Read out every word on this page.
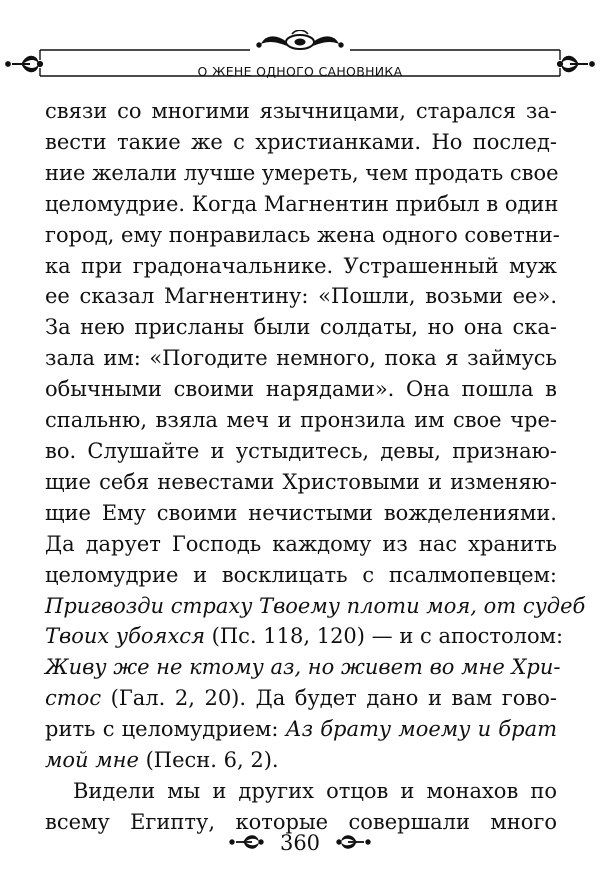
О ЖЕНЕ ОДНОГО САНОВНИКА
связи со многими язычницами, старался за-
вести такие же с христианками. Но послед-
ние желали лучше умереть, чем продать свое
целомудрие. Когда Магнентин прибыл в один
город, ему понравилась жена одного советни-
ка при градоначальнике. Устрашенный муж
ее сказал Магнентину: «Пошли, возьми ее».
За нею присланы были солдаты, но она ска-
зала им: «Погодите немного, пока я займусь
обычными своими нарядами». Она пошла в
спальню, взяла меч и пронзила им свое чре-
во. Слушайте и устыдитесь, девы, признаю-
щие себя невестами Христовыми и изменяю-
щие Ему своими нечистыми вожделениями.
Да дарует Господь каждому из нас хранить
целомудрие и восклицать с псалмопевцем:
Пригвозди страху Твоему плоти моя, от судеб
Твоих убояхся (Пс. 118, 120) — и с апостолом:
Живу же не ктому аз, но живет во мне Хри-
стос (Гал. 2, 20). Да будет дано и вам гово-
рить с целомудрием: Аз брату моему и брат
мой мне (Песн. 6, 2).
Видели мы и других отцов и монахов по
всему Египту, которые совершали много
360
